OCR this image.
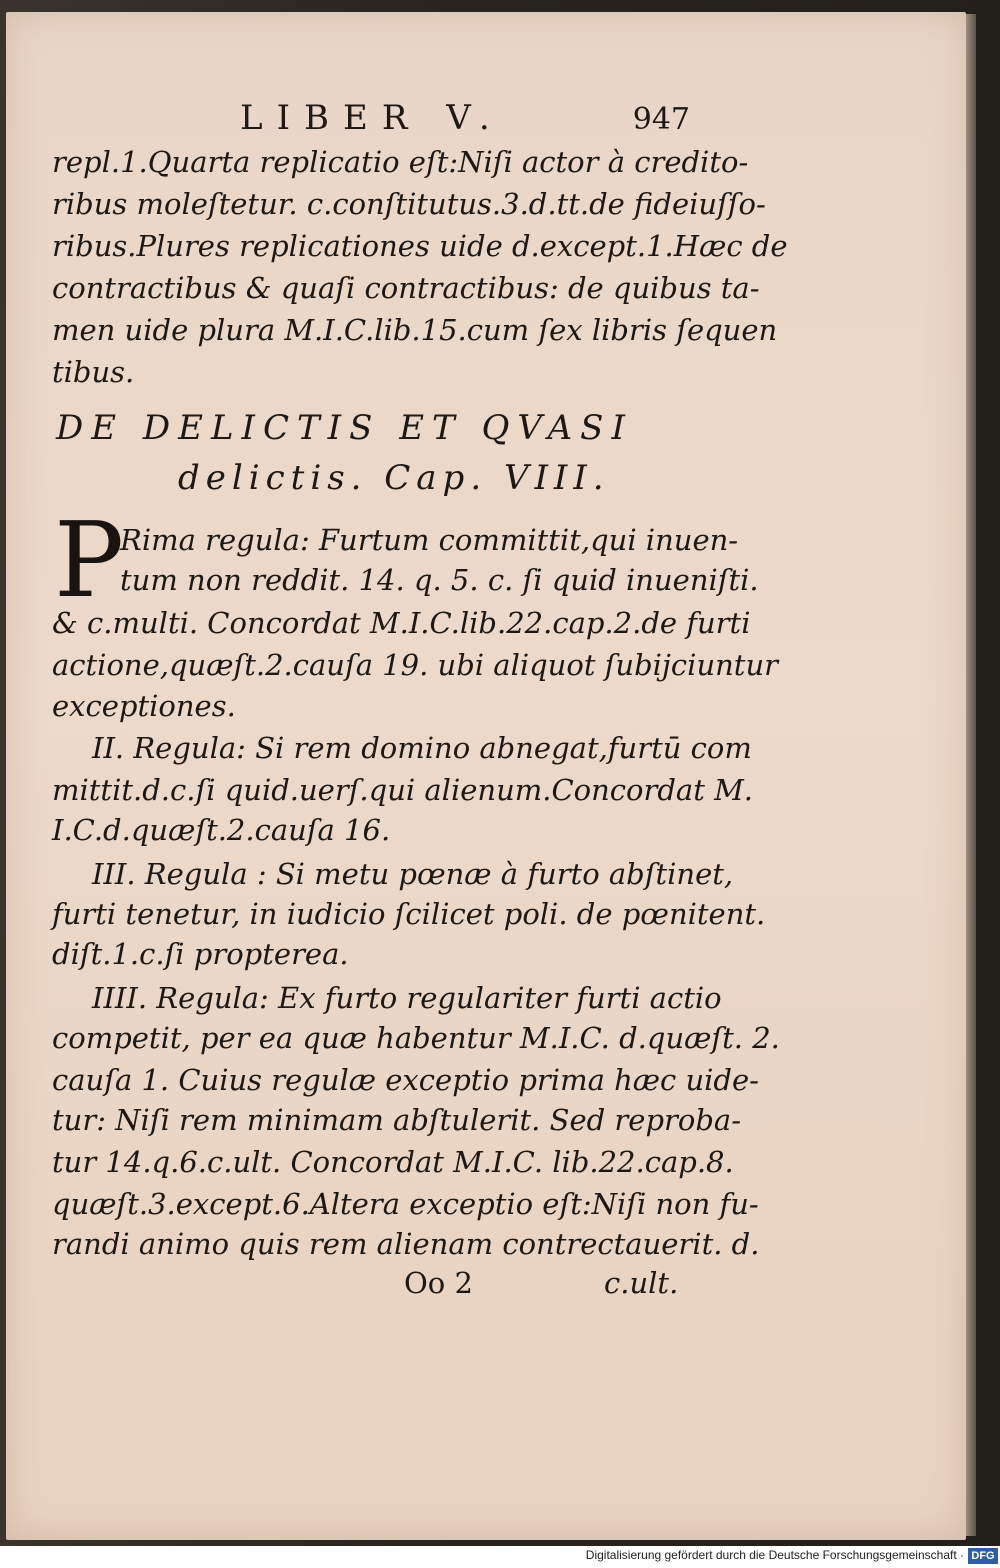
LIBER V.	947
repl.1.Quarta replicatio eſt:Niſi actor à credito-
ribus moleſtetur. c.conſtitutus.3.d.tt.de fideiuſſo-
ribus.Plures replicationes uide d.except.1.Hæc de
contractibus & quaſi contractibus: de quibus ta-
men uide plura M.I.C.lib.15.cum ſex libris ſequen
tibus.
DE DELICTIS ET QVASI
delictis. Cap. VIII.
P
Rima regula: Furtum committit,qui inuen-
tum non reddit. 14. q. 5. c. ſi quid inueniſti.
& c.multi. Concordat M.I.C.lib.22.cap.2.de furti
actione,quæſt.2.cauſa 19. ubi aliquot ſubijciuntur
exceptiones.
II. Regula: Si rem domino abnegat,furtū com
mittit.d.c.ſi quid.uerſ.qui alienum.Concordat M.
I.C.d.quæſt.2.cauſa 16.
III. Regula : Si metu pœnæ à furto abſtinet,
furti tenetur, in iudicio ſcilicet poli. de pœnitent.
diſt.1.c.ſi propterea.
IIII. Regula: Ex furto regulariter furti actio
competit, per ea quæ habentur M.I.C. d.quæſt. 2.
cauſa 1. Cuius regulæ exceptio prima hæc uide-
tur: Niſi rem minimam abſtulerit. Sed reproba-
tur 14.q.6.c.ult. Concordat M.I.C. lib.22.cap.8.
quæſt.3.except.6.Altera exceptio eſt:Niſi non fu-
randi animo quis rem alienam contrectauerit. d.
Oo 2	c.ult.
Digitalisierung gefördert durch die Deutsche Forschungsgemeinschaft · DFG
